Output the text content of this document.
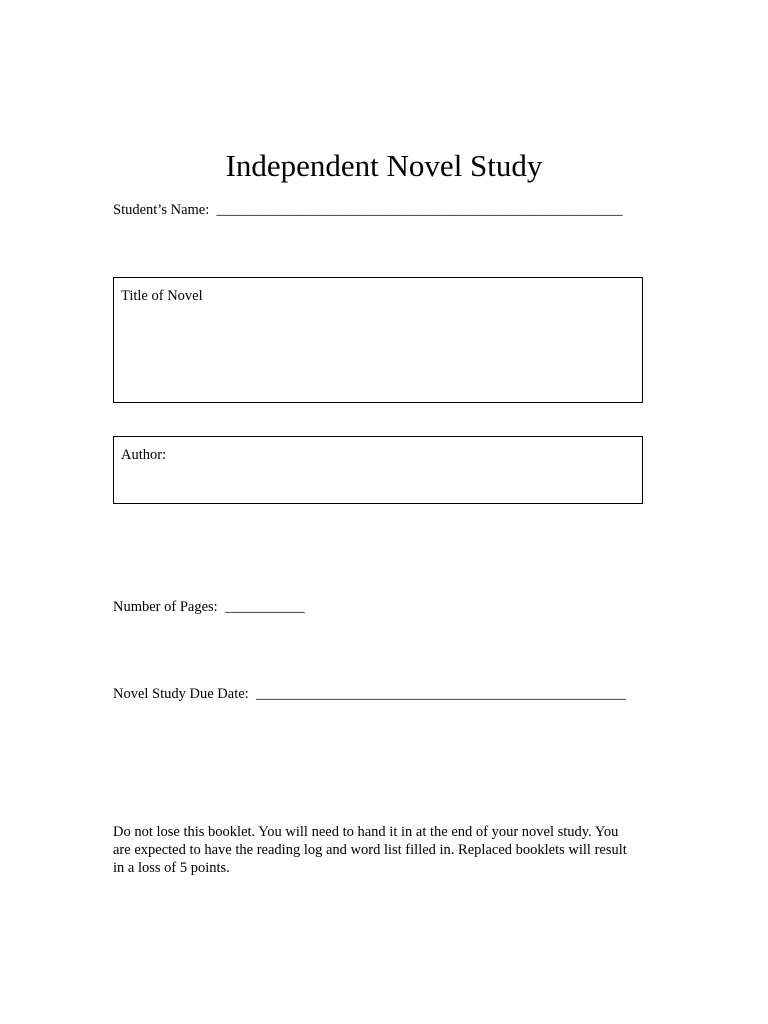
Independent Novel Study
Student’s Name: ________________________________________________________
Title of Novel
Author:
Number of Pages: ___________
Novel Study Due Date: ___________________________________________________
Do not lose this booklet. You will need to hand it in at the end of your novel study. You
are expected to have the reading log and word list filled in. Replaced booklets will result
in a loss of 5 points.
